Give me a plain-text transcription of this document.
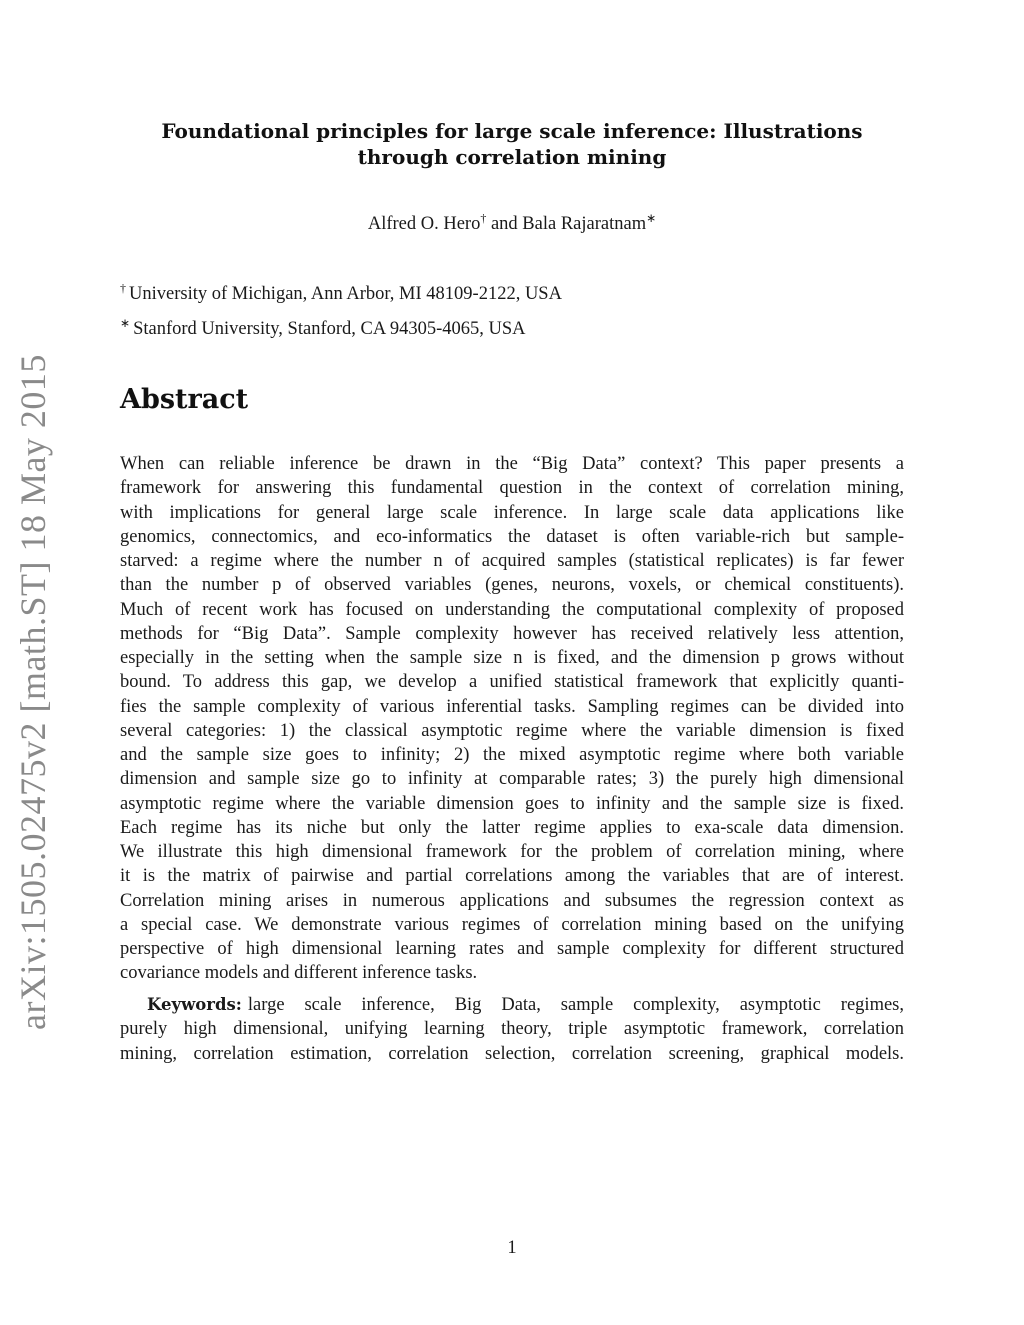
arXiv:1505.02475v2 [math.ST] 18 May 2015
Foundational principles for large scale inference: Illustrations
through correlation mining
Alfred O. Hero† and Bala Rajaratnam∗
† University of Michigan, Ann Arbor, MI 48109-2122, USA
∗ Stanford University, Stanford, CA 94305-4065, USA
Abstract
When can reliable inference be drawn in the “Big Data” context? This paper presents a
framework for answering this fundamental question in the context of correlation mining,
with implications for general large scale inference. In large scale data applications like
genomics, connectomics, and eco-informatics the dataset is often variable-rich but sample-
starved: a regime where the number n of acquired samples (statistical replicates) is far fewer
than the number p of observed variables (genes, neurons, voxels, or chemical constituents).
Much of recent work has focused on understanding the computational complexity of proposed
methods for “Big Data”. Sample complexity however has received relatively less attention,
especially in the setting when the sample size n is fixed, and the dimension p grows without
bound. To address this gap, we develop a unified statistical framework that explicitly quanti-
fies the sample complexity of various inferential tasks. Sampling regimes can be divided into
several categories: 1) the classical asymptotic regime where the variable dimension is fixed
and the sample size goes to infinity; 2) the mixed asymptotic regime where both variable
dimension and sample size go to infinity at comparable rates; 3) the purely high dimensional
asymptotic regime where the variable dimension goes to infinity and the sample size is fixed.
Each regime has its niche but only the latter regime applies to exa-scale data dimension.
We illustrate this high dimensional framework for the problem of correlation mining, where
it is the matrix of pairwise and partial correlations among the variables that are of interest.
Correlation mining arises in numerous applications and subsumes the regression context as
a special case. We demonstrate various regimes of correlation mining based on the unifying
perspective of high dimensional learning rates and sample complexity for different structured
covariance models and different inference tasks.
Keywords: large scale inference, Big Data, sample complexity, asymptotic regimes,
purely high dimensional, unifying learning theory, triple asymptotic framework, correlation
mining, correlation estimation, correlation selection, correlation screening, graphical models.
1
